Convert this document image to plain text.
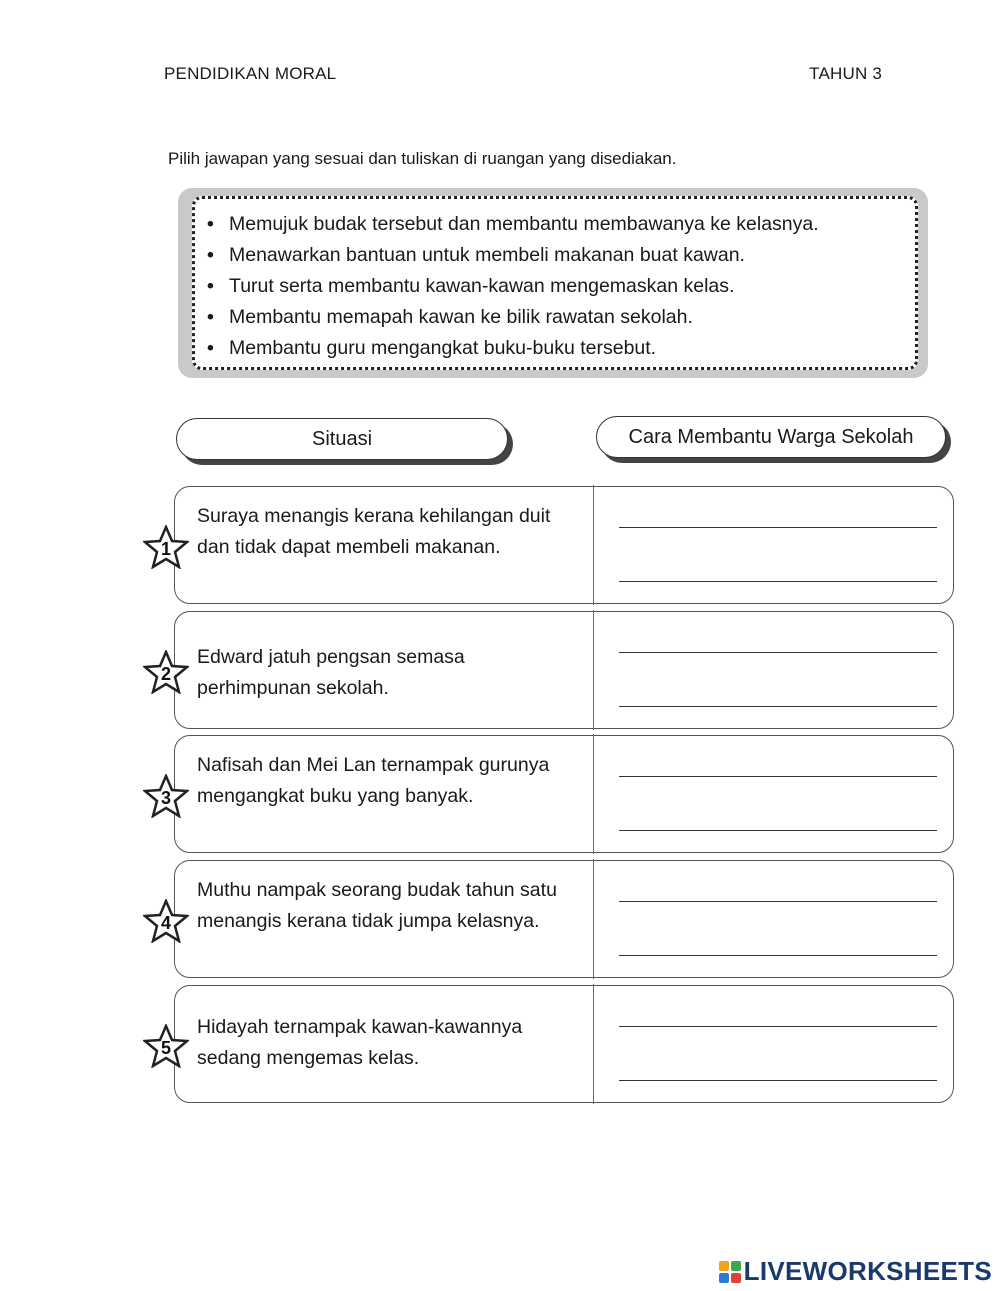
PENDIDIKAN MORAL	TAHUN 3
Pilih jawapan yang sesuai dan tuliskan di ruangan yang disediakan.
• Memujuk budak tersebut dan membantu membawanya ke kelasnya.
• Menawarkan bantuan untuk membeli makanan buat kawan.
• Turut serta membantu kawan-kawan mengemaskan kelas.
• Membantu memapah kawan ke bilik rawatan sekolah.
• Membantu guru mengangkat buku-buku tersebut.
Situasi	Cara Membantu Warga Sekolah
1
Suraya menangis kerana kehilangan duit dan tidak dapat membeli makanan.
2
Edward jatuh pengsan semasa perhimpunan sekolah.
3
Nafisah dan Mei Lan ternampak gurunya mengangkat buku yang banyak.
4
Muthu nampak seorang budak tahun satu menangis kerana tidak jumpa kelasnya.
5
Hidayah ternampak kawan-kawannya sedang mengemas kelas.
LIVEWORKSHEETS
